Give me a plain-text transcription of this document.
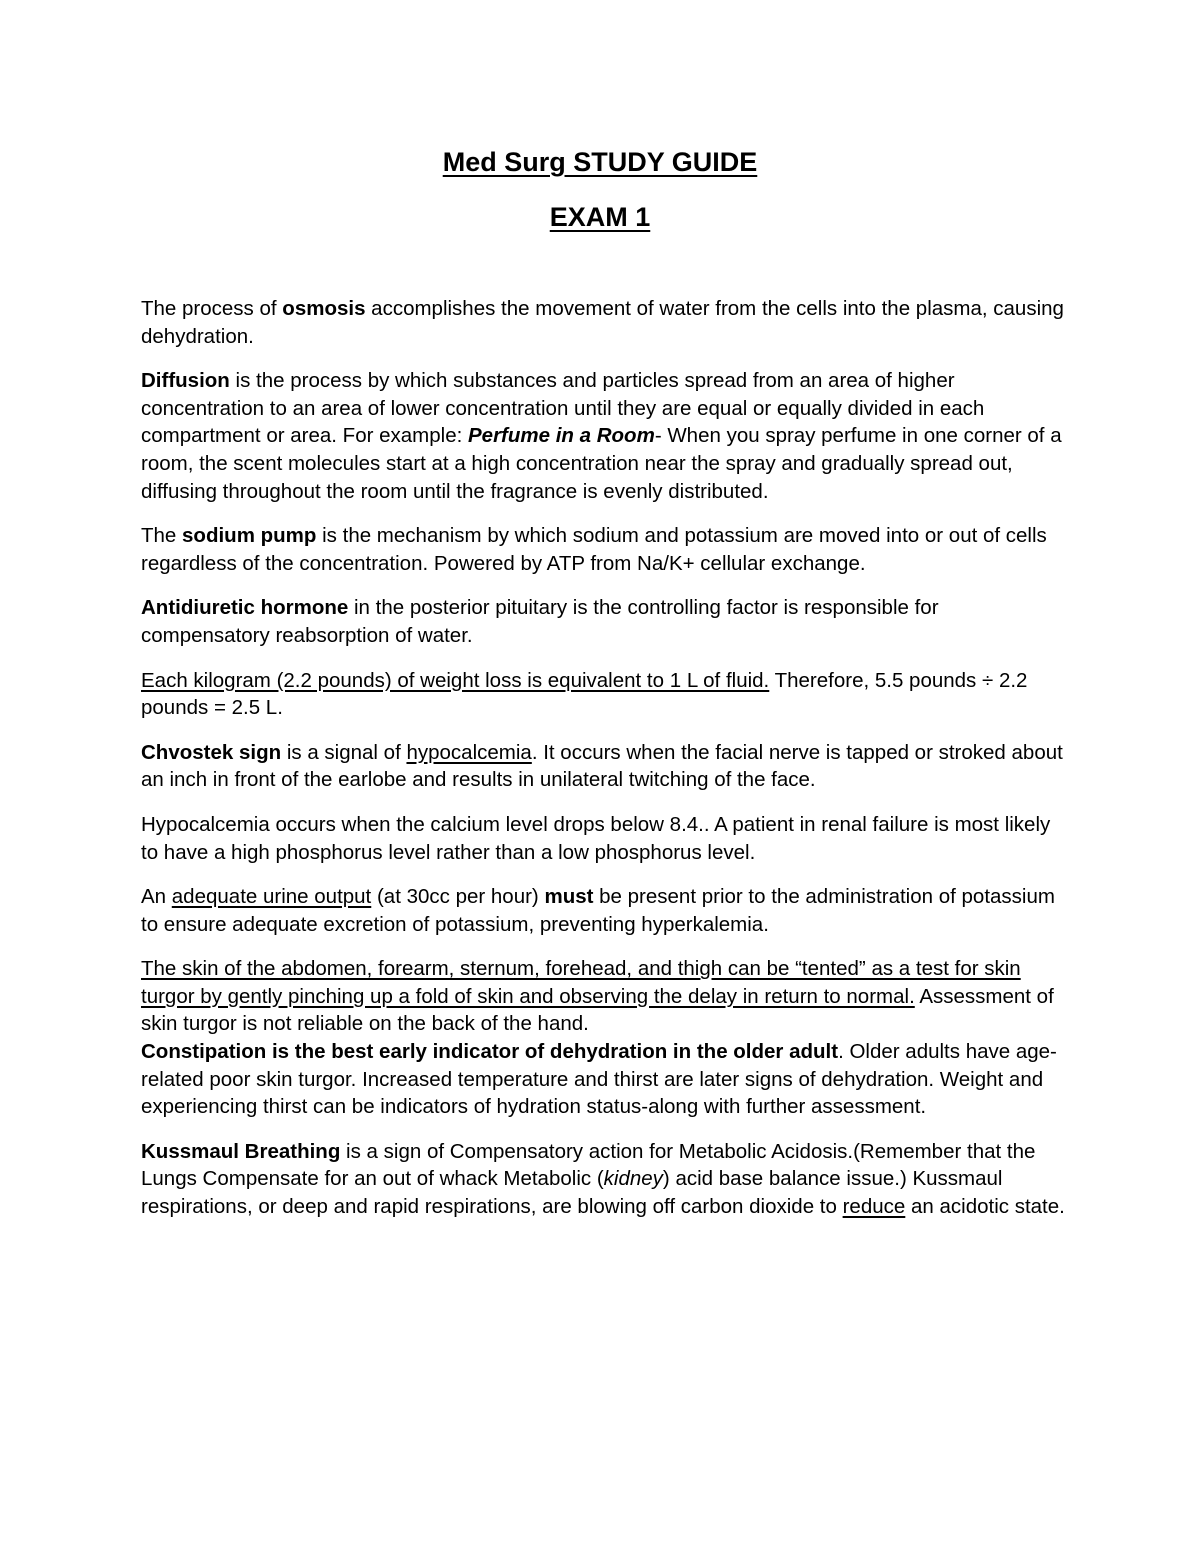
Med Surg STUDY GUIDE
EXAM 1

The process of osmosis accomplishes the movement of water from the cells into the plasma, causing dehydration.

Diffusion is the process by which substances and particles spread from an area of higher concentration to an area of lower concentration until they are equal or equally divided in each compartment or area. For example: Perfume in a Room- When you spray perfume in one corner of a room, the scent molecules start at a high concentration near the spray and gradually spread out, diffusing throughout the room until the fragrance is evenly distributed.

The sodium pump is the mechanism by which sodium and potassium are moved into or out of cells regardless of the concentration. Powered by ATP from Na/K+ cellular exchange.

Antidiuretic hormone in the posterior pituitary is the controlling factor is responsible for compensatory reabsorption of water.

Each kilogram (2.2 pounds) of weight loss is equivalent to 1 L of fluid. Therefore, 5.5 pounds ÷ 2.2 pounds = 2.5 L.

Chvostek sign is a signal of hypocalcemia. It occurs when the facial nerve is tapped or stroked about an inch in front of the earlobe and results in unilateral twitching of the face.

Hypocalcemia occurs when the calcium level drops below 8.4.. A patient in renal failure is most likely to have a high phosphorus level rather than a low phosphorus level.

An adequate urine output (at 30cc per hour) must be present prior to the administration of potassium to ensure adequate excretion of potassium, preventing hyperkalemia.

The skin of the abdomen, forearm, sternum, forehead, and thigh can be “tented” as a test for skin turgor by gently pinching up a fold of skin and observing the delay in return to normal. Assessment of skin turgor is not reliable on the back of the hand.

Constipation is the best early indicator of dehydration in the older adult. Older adults have age-related poor skin turgor. Increased temperature and thirst are later signs of dehydration. Weight and experiencing thirst can be indicators of hydration status-along with further assessment.

Kussmaul Breathing is a sign of Compensatory action for Metabolic Acidosis.(Remember that the Lungs Compensate for an out of whack Metabolic (kidney) acid base balance issue.) Kussmaul respirations, or deep and rapid respirations, are blowing off carbon dioxide to reduce an acidotic state.
